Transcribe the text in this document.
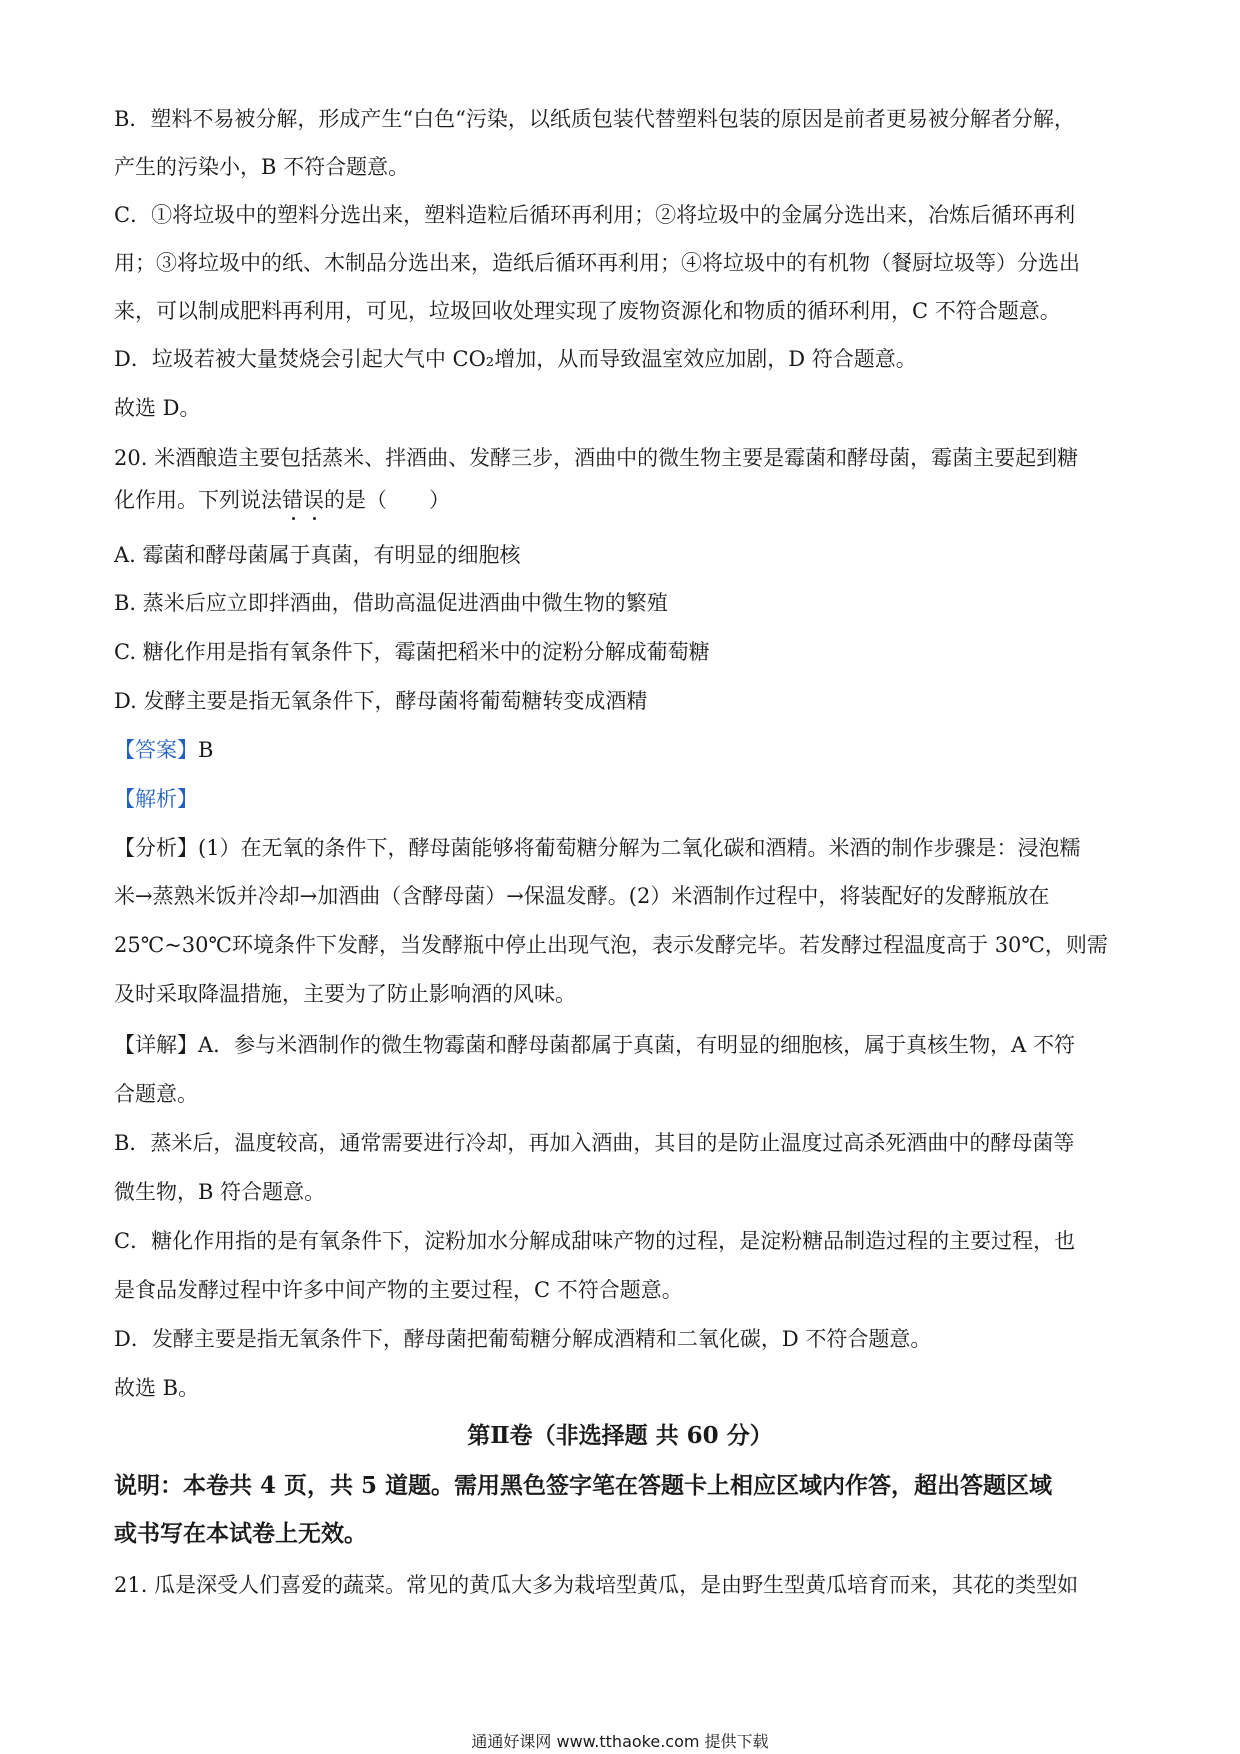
B．塑料不易被分解，形成产生“白色“污染，以纸质包装代替塑料包装的原因是前者更易被分解者分解，
产生的污染小，B 不符合题意。
C．①将垃圾中的塑料分选出来，塑料造粒后循环再利用；②将垃圾中的金属分选出来，冶炼后循环再利
用；③将垃圾中的纸、木制品分选出来，造纸后循环再利用；④将垃圾中的有机物（餐厨垃圾等）分选出
来，可以制成肥料再利用，可见，垃圾回收处理实现了废物资源化和物质的循环利用，C 不符合题意。
D．垃圾若被大量焚烧会引起大气中 CO₂增加，从而导致温室效应加剧，D 符合题意。
故选 D。
20. 米酒酿造主要包括蒸米、拌酒曲、发酵三步，酒曲中的微生物主要是霉菌和酵母菌，霉菌主要起到糖
化作用。下列说法错误的是（　　）
A. 霉菌和酵母菌属于真菌，有明显的细胞核
B. 蒸米后应立即拌酒曲，借助高温促进酒曲中微生物的繁殖
C. 糖化作用是指有氧条件下，霉菌把稻米中的淀粉分解成葡萄糖
D. 发酵主要是指无氧条件下，酵母菌将葡萄糖转变成酒精
【答案】B
【解析】
【分析】(1）在无氧的条件下，酵母菌能够将葡萄糖分解为二氧化碳和酒精。米酒的制作步骤是：浸泡糯
米→蒸熟米饭并冷却→加酒曲（含酵母菌）→保温发酵。(2）米酒制作过程中，将装配好的发酵瓶放在
25℃~30℃环境条件下发酵，当发酵瓶中停止出现气泡，表示发酵完毕。若发酵过程温度高于 30℃，则需
及时采取降温措施，主要为了防止影响酒的风味。
【详解】A．参与米酒制作的微生物霉菌和酵母菌都属于真菌，有明显的细胞核，属于真核生物，A 不符
合题意。
B．蒸米后，温度较高，通常需要进行冷却，再加入酒曲，其目的是防止温度过高杀死酒曲中的酵母菌等
微生物，B 符合题意。
C．糖化作用指的是有氧条件下，淀粉加水分解成甜味产物的过程，是淀粉糖品制造过程的主要过程，也
是食品发酵过程中许多中间产物的主要过程，C 不符合题意。
D．发酵主要是指无氧条件下，酵母菌把葡萄糖分解成酒精和二氧化碳，D 不符合题意。
故选 B。
第Ⅱ卷（非选择题 共 60 分）
说明：本卷共 4 页，共 5 道题。需用黑色签字笔在答题卡上相应区域内作答，超出答题区域
或书写在本试卷上无效。
21. 瓜是深受人们喜爱的蔬菜。常见的黄瓜大多为栽培型黄瓜，是由野生型黄瓜培育而来，其花的类型如
通通好课网 www.tthaoke.com 提供下载
